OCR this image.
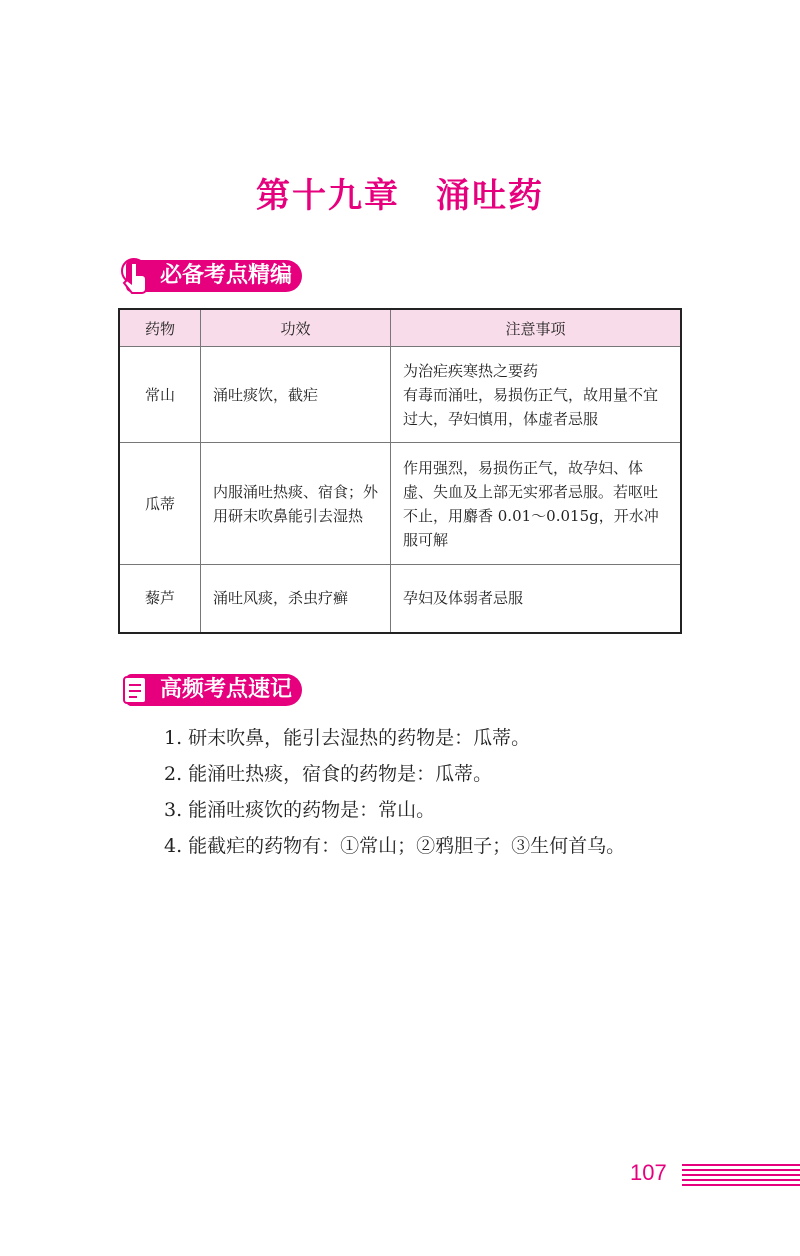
第十九章 涌吐药
必备考点精编
药物	功效	注意事项
常山	涌吐痰饮，截疟	为治疟疾寒热之要药
有毒而涌吐，易损伤正气，故用量不宜过大，孕妇慎用，体虚者忌服

瓜蒂	内服涌吐热痰、宿食；外用研末吹鼻能引去湿热	作用强烈，易损伤正气，故孕妇、体虚、失血及上部无实邪者忌服。若呕吐不止，用麝香 0.01～0.015g，开水冲服可解

藜芦	涌吐风痰，杀虫疗癣	孕妇及体弱者忌服
高频考点速记

1. 研末吹鼻，能引去湿热的药物是：瓜蒂。

2. 能涌吐热痰，宿食的药物是：瓜蒂。

3. 能涌吐痰饮的药物是：常山。

4. 能截疟的药物有：①常山；②鸦胆子；③生何首乌。

107
